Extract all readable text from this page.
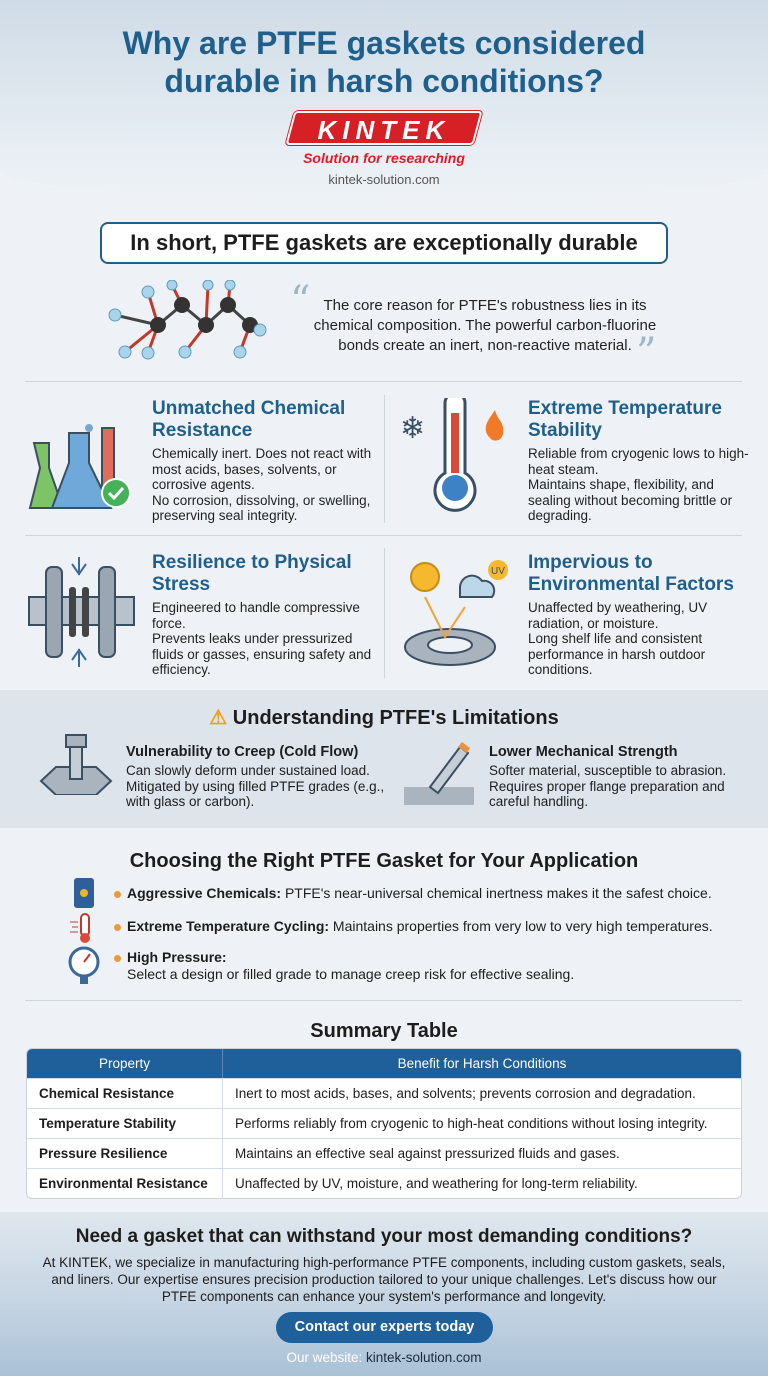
Why are PTFE gaskets considered
durable in harsh conditions?
KINTEK
Solution for researching
kintek-solution.com
In short, PTFE gaskets are exceptionally durable
“ The core reason for PTFE's robustness lies in its chemical composition. The powerful carbon-fluorine bonds create an inert, non-reactive material. ”
Unmatched Chemical Resistance

Chemically inert. Does not react with most acids, bases, solvents, or corrosive agents.
No corrosion, dissolving, or swelling, preserving seal integrity.

❄
Extreme Temperature Stability

Reliable from cryogenic lows to high-heat steam.
Maintains shape, flexibility, and sealing without becoming brittle or degrading.

Resilience to Physical Stress

Engineered to handle compressive force.
Prevents leaks under pressurized fluids or gasses, ensuring safety and efficiency.

UV Impervious to Environmental Factors

Unaffected by weathering, UV radiation, or moisture.
Long shelf life and consistent performance in harsh outdoor conditions.

⚠ Understanding PTFE's Limitations
Vulnerability to Creep (Cold Flow)

Can slowly deform under sustained load.
Mitigated by using filled PTFE grades (e.g., with glass or carbon).

Lower Mechanical Strength

Softer material, susceptible to abrasion.
Requires proper flange preparation and careful handling.

Choosing the Right PTFE Gasket for Your Application
Aggressive Chemicals: PTFE's near-universal chemical inertness makes it the safest choice.
Extreme Temperature Cycling: Maintains properties from very low to very high temperatures.
High Pressure:
Select a design or filled grade to manage creep risk for effective sealing.
Summary Table
Property	Benefit for Harsh Conditions
Chemical Resistance	Inert to most acids, bases, and solvents; prevents corrosion and degradation.
Temperature Stability	Performs reliably from cryogenic to high-heat conditions without losing integrity.
Pressure Resilience	Maintains an effective seal against pressurized fluids and gases.
Environmental Resistance	Unaffected by UV, moisture, and weathering for long-term reliability.
Need a gasket that can withstand your most demanding conditions?
At KINTEK, we specialize in manufacturing high-performance PTFE components, including custom gaskets, seals, and liners. Our expertise ensures precision production tailored to your unique challenges. Let's discuss how our PTFE components can enhance your system's performance and longevity.
Contact our experts today
Our website: kintek-solution.com
